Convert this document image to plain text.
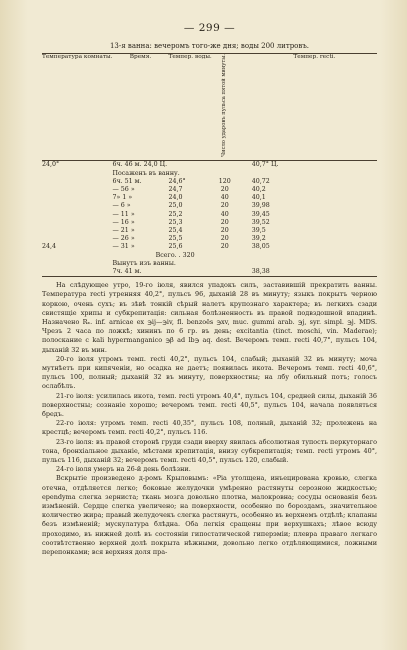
— 299 —
13-я ванна: вечеромъ того-же дня; воды 200 литровъ.
Температура комнаты.	Время.	Темпер. воды.	Число ударовъ пульса пятой минуты.	Темпер. recti.
24,0°	6ч. 46 м. 24,0 Ц.			40,7° Ц.
	Посаженъ въ ванну.			
	6ч. 51 м.	24,6°	120	40,72
	— 56 »	24,7	20	40,2
	7» 1 »	24,0	40	40,1
	— 6 »	25,0	20	39,98
	— 11 »	25,2	40	39,45
	— 16 »	25,3	20	39,52
	— 21 »	25,4	20	39,5
	— 26 »	25,5	20	39,2
24,4	— 31 »	25,6	20	38,05
	Всего. . 320			
	Вынутъ изъ ванны.			
	7ч. 41 м.			38,38

На слѣдующее утро, 19-го іюля, явился упадокъ силъ, заставившій прекратить ванны. Температура recti утренняя 40,2°, пульсъ 96, дыханій 28 въ минуту; языкъ покрытъ черною коркою, очень сухъ; въ зѣвѣ тонкій сѣрый налетъ крупознаго характера; въ легкихъ сзади свистящіе хрипы и субкрепитація: сильная болѣзненность въ правой подвздошной впадинѣ. Назначено Rₓ. inf. arnicae ex ℈ij—℈iv, fl. benzoës ℈xv, muc. gummi arab. ℈j, syr. simpl. ℈j. MDS. Чрезъ 2 часа по ложкѣ; хининъ по 6 гр. въ день; excitantia (tinct. moschi, vin. Maderae); полоскание с kali hypermanganico ℈β ad lb℈ aq. dest. Вечеромъ темп. recti 40,7°, пульсъ 104, дыханій 32 въ мин.

20-го іюля утромъ темп. recti 40,2°, пульсъ 104, слабый; дыханій 32 въ минуту; моча мутнѣетъ при кипяченіи, но осадка не даетъ; появилась икота. Вечеромъ темп. recti 40,6°, пульсъ 100, полный; дыханій 32 въ минуту, поверхностны; на лбу обильный потъ; голосъ ослабѣлъ.

21-го іюля: усилилась икота, темп. recti утромъ 40,4°, пульсъ 104, средней силы, дыханій 36 поверхностны; сознаніе хорошо; вечеромъ темп. recti 40,5°, пульсъ 104, начала появляться бредъ.

22-го іюля: утромъ темп. recti 40,35°, пульсъ 108, полный, дыханій 32; пролежень на крестцѣ; вечеромъ темп. recti 40,2°, пульсъ 116.

23-го іюля: въ правой сторонѣ груди сзади вверху явилась абсолютная тупость перкуторнаго тона, бронхіальное дыханіе, мѣстами крепитація, внизу субкрепитація; темп. recti утромъ 40°, пульсъ 116, дыханій 32; вечеромъ темп. recti 40,5°, пульсъ 120, слабый.

24-го іюля умеръ на 26-й день болѣзни.

Вскрытіе произведено д-ромъ Крыловымъ: «Pia утолщена, инъецирована кровью, слегка отечна, отдѣляется легко; боковые желудочки умѣренно растянуты серозною жидкостью; ependyma слегка зерниста; ткань мозга довольно плотна, малокровна; сосуды основанія безъ измѣненій. Сердце слегка увеличено; на поверхности, особенно по бороздамъ, значительное количество жира; правый желудочекъ слегка растянутъ, особенно въ верхнемъ отдѣлѣ; клапаны безъ измѣненій; мускулатура блѣдна. Оба легкія сращены при верхушкахъ; лѣвое всюду проходимо, въ нижней долѣ въ состояніи гипостатической гиперэміи; плевра праваго легкаго соотвѣтственно верхней долѣ покрыта нѣжными, довольно легко отдѣляющимися, ложными перепонками; вся верхняя доля пра-
